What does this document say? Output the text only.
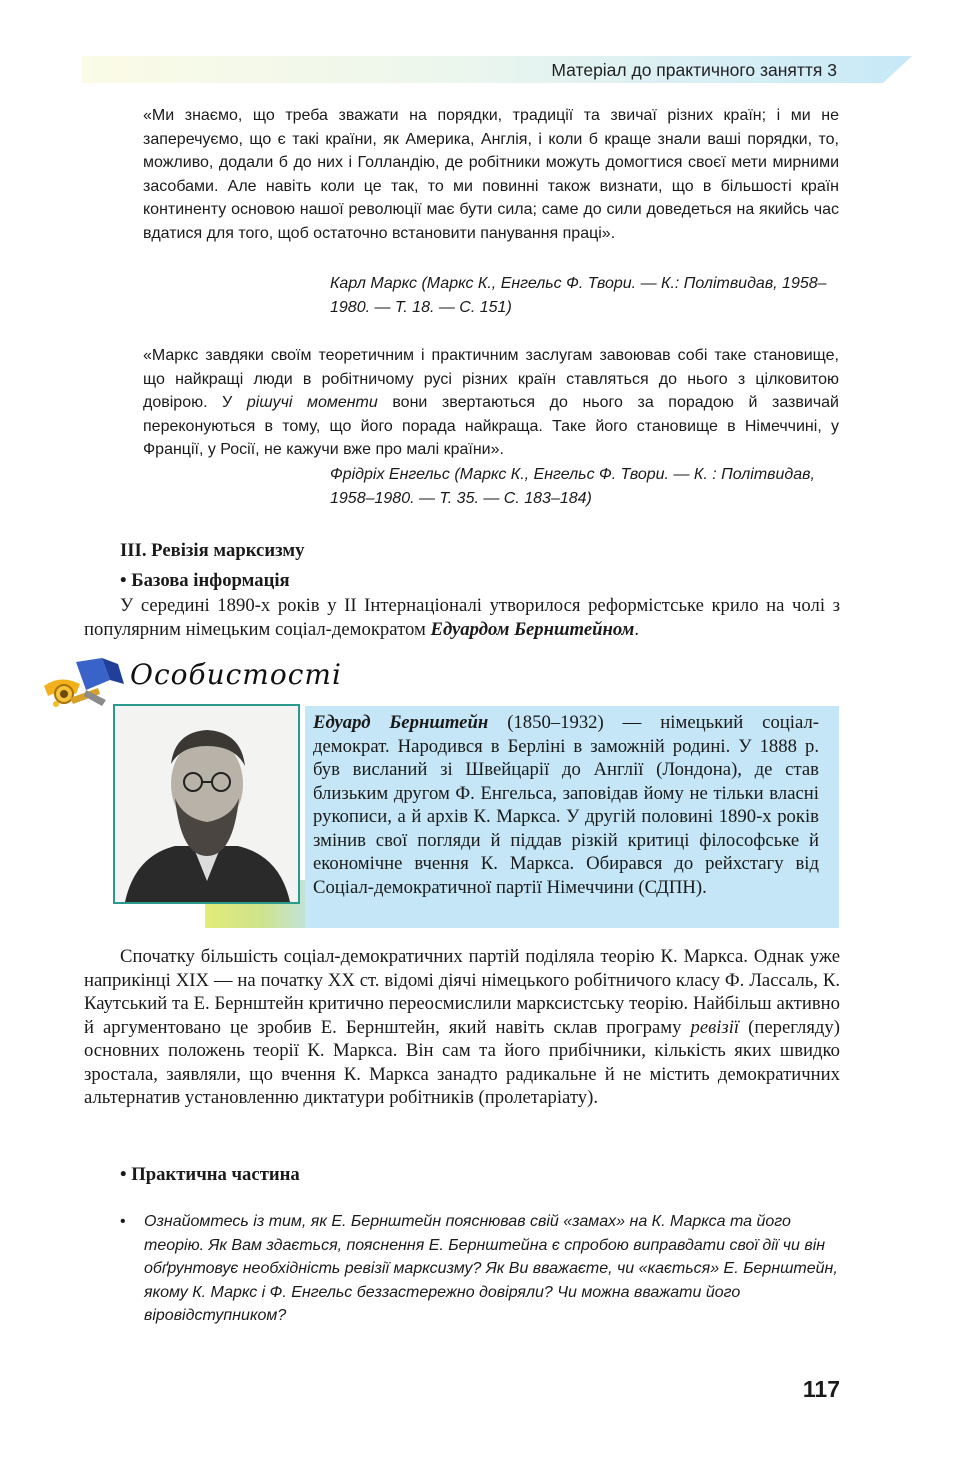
Матеріал до практичного заняття 3

«Ми знаємо, що треба зважати на порядки, традиції та звичаї різних країн; і ми не заперечуємо, що є такі країни, як Америка, Англія, і коли б краще знали ваші порядки, то, можливо, додали б до них і Голландію, де робітники можуть домогтися своєї мети мирними засобами. Але навіть коли це так, то ми повинні також визнати, що в більшості країн континенту основою нашої революції має бути сила; саме до сили доведеться на якийсь час вдатися для того, щоб остаточно встановити панування праці».

Карл Маркс (Маркс К., Енгельс Ф. Твори. — К.: Політвидав, 1958–1980. — Т. 18. — С. 151)

«Маркс завдяки своїм теоретичним і практичним заслугам завоював собі таке становище, що найкращі люди в робітничому русі різних країн ставляться до нього з цілковитою довірою. У рішучі моменти вони звертаються до нього за порадою й зазвичай переконуються в тому, що його порада найкраща. Таке його становище в Німеччині, у Франції, у Росії, не кажучи вже про малі країни».

Фрідріх Енгельс (Маркс К., Енгельс Ф. Твори. — К. : Політвидав, 1958–1980. — Т. 35. — С. 183–184)
III. Ревізія марксизму
• Базова інформація

У середині 1890-х років у II Інтернаціоналі утворилося реформістське крило на чолі з популярним німецьким соціал-демократом Едуардом Бернштейном.

Особистості
Едуард Бернштейн (1850–1932) — німецький соціал-демократ. Народився в Берліні в заможній родині. У 1888 р. був висланий зі Швейцарії до Англії (Лондона), де став близьким другом Ф. Енгельса, заповідав йому не тільки власні рукописи, а й архів К. Маркса. У другій половині 1890-х років змінив свої погляди й піддав різкій критиці філософське й економічне вчення К. Маркса. Обирався до рейхстагу від Соціал-демократичної партії Німеччини (СДПН).

Спочатку більшість соціал-демократичних партій поділяла теорію К. Маркса. Однак уже наприкінці XIX — на початку XX ст. відомі діячі німецького робітничого класу Ф. Лассаль, К. Каутський та Е. Бернштейн критично переосмислили марксистську теорію. Найбільш активно й аргументовано це зробив Е. Бернштейн, який навіть склав програму ревізії (перегляду) основних положень теорії К. Маркса. Він сам та його прибічники, кількість яких швидко зростала, заявляли, що вчення К. Маркса занадто радикальне й не містить демократичних альтернатив установленню диктатури робітників (пролетаріату).

• Практична частина
• Ознайомтесь із тим, як Е. Бернштейн пояснював свій «замах» на К. Маркса та його теорію. Як Вам здається, пояснення Е. Бернштейна є спробою виправдати свої дії чи він обґрунтовує необхідність ревізії марксизму? Як Ви вважаєте, чи «кається» Е. Бернштейн, якому К. Маркс і Ф. Енгельс беззастережно довіряли? Чи можна вважати його віровідступником?
117
